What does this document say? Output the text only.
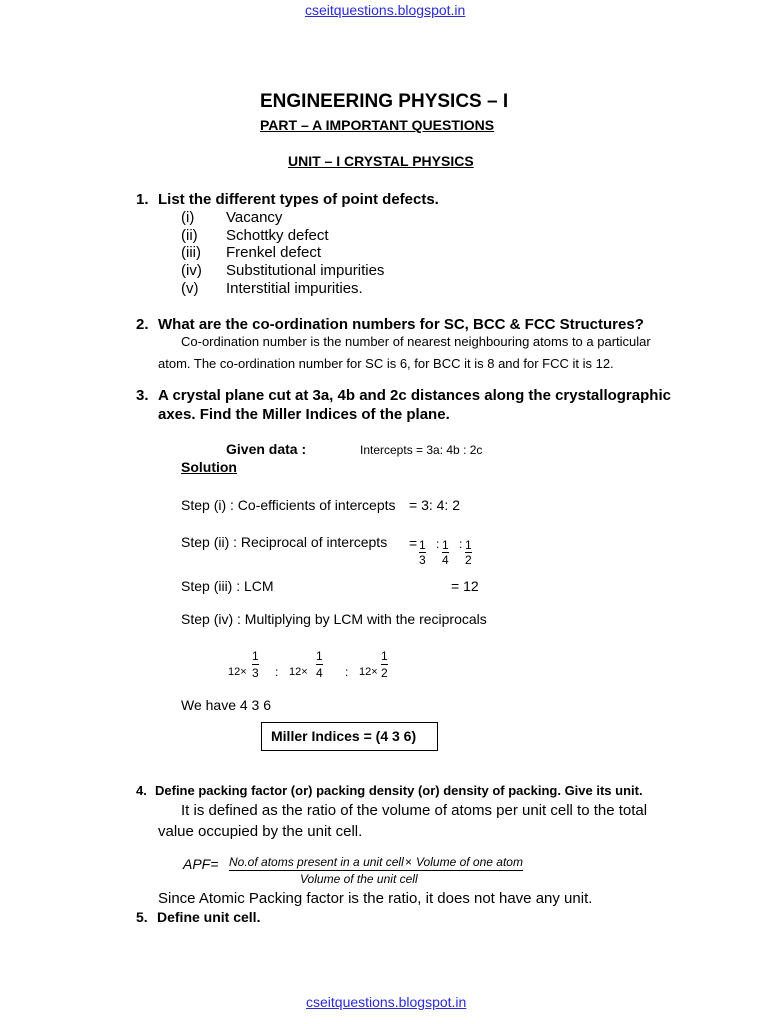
cseitquestions.blogspot.in
ENGINEERING PHYSICS – I
PART – A IMPORTANT QUESTIONS
UNIT – I CRYSTAL PHYSICS
1. List the different types of point defects.
(i) Vacancy
(ii) Schottky defect
(iii) Frenkel defect
(iv) Substitutional impurities
(v) Interstitial impurities.
2. What are the co-ordination numbers for SC, BCC & FCC Structures?
Co-ordination number is the number of nearest neighbouring atoms to a particular
atom. The co-ordination number for SC is 6, for BCC it is 8 and for FCC it is 12.
3. A crystal plane cut at 3a, 4b and 2c distances along the crystallographic
axes. Find the Miller Indices of the plane.
Given data :	Intercepts = 3a: 4b : 2c
Solution
Step (i) : Co-efficients of intercepts = 3: 4: 2
Step (ii) : Reciprocal of intercepts = $\frac{1}{3}$ : $\frac{1}{4}$ : $\frac{1}{2}$
Step (iii) : LCM	= 12
Step (iv) : Multiplying by LCM with the reciprocals
$12\times \frac{1}{3}$ : $12\times \frac{1}{4}$ : $12\times \frac{1}{2}$
We have 4 3 6
Miller Indices = (4 3 6)
4. Define packing factor (or) packing density (or) density of packing. Give its unit.
It is defined as the ratio of the volume of atoms per unit cell to the total
value occupied by the unit cell.
APF= No.of atoms present in a unit cell × Volume of one atom
Volume of the unit cell
Since Atomic Packing factor is the ratio, it does not have any unit.
5. Define unit cell.
cseitquestions.blogspot.in
